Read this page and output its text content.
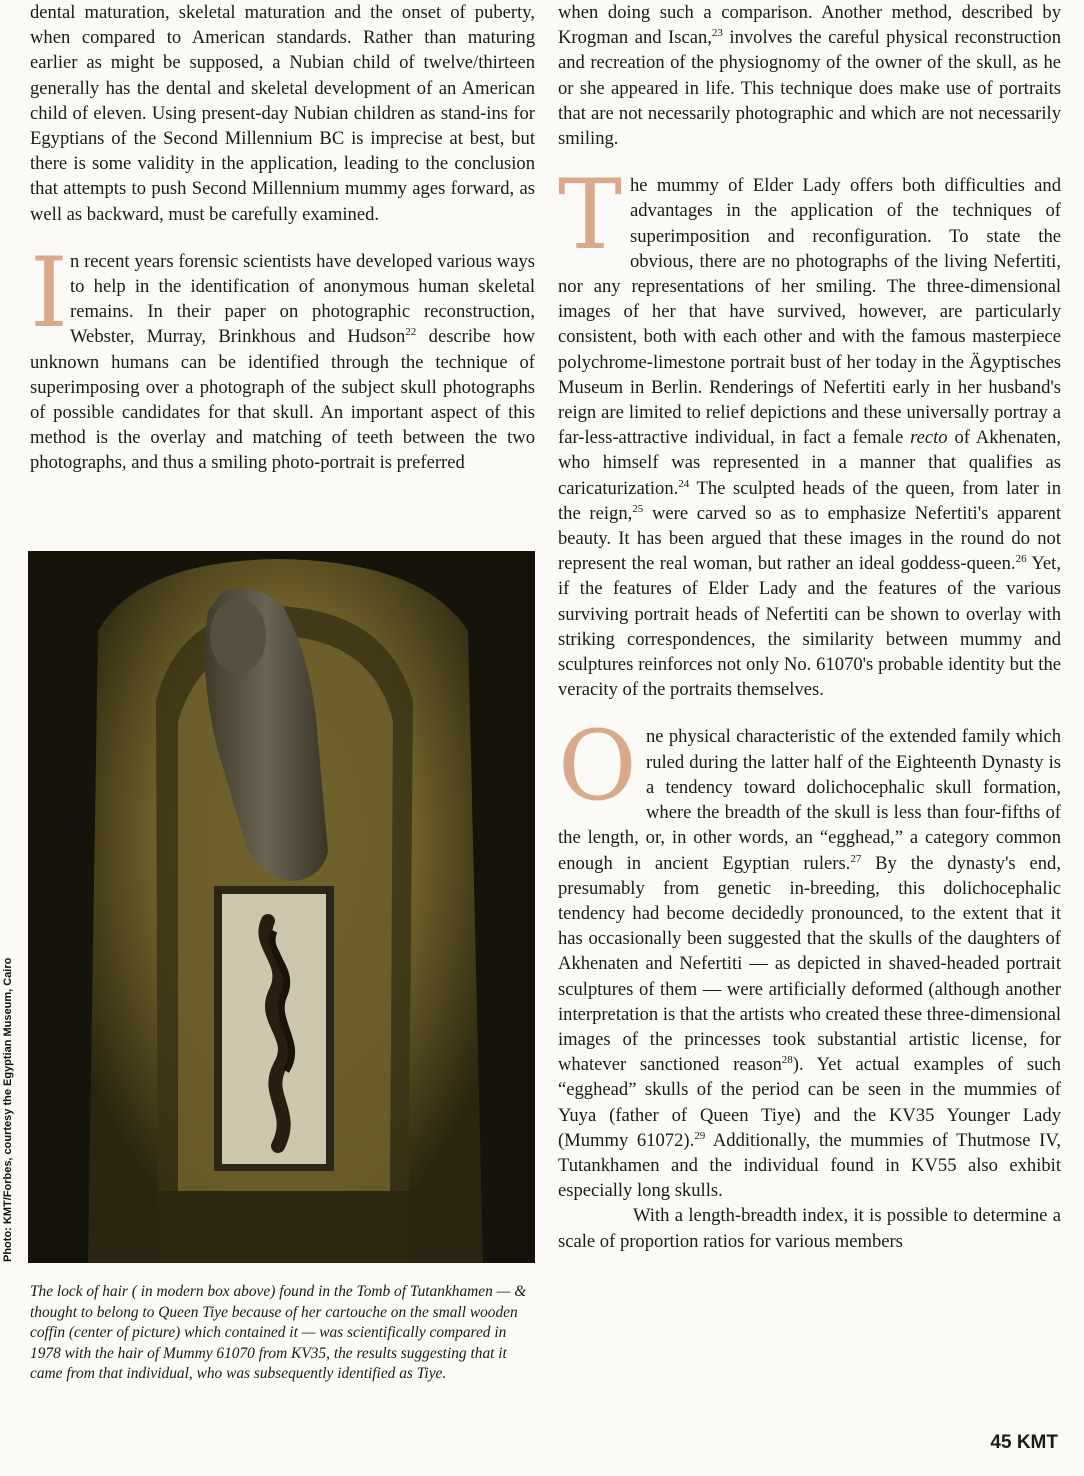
dental maturation, skeletal maturation and the onset of puberty, when compared to American standards. Rather than maturing earlier as might be supposed, a Nubian child of twelve/thirteen generally has the dental and skeletal development of an American child of eleven. Using present-day Nubian children as stand-ins for Egyptians of the Second Millennium BC is imprecise at best, but there is some validity in the application, leading to the conclusion that attempts to push Second Millennium mummy ages forward, as well as backward, must be carefully examined.

In recent years forensic scientists have developed various ways to help in the identification of anonymous human skeletal remains. In their paper on photographic reconstruction, Webster, Murray, Brinkhous and Hudson$^{22}$ describe how unknown humans can be identified through the technique of superimposing over a photograph of the subject skull photographs of possible candidates for that skull. An important aspect of this method is the overlay and matching of teeth between the two photographs, and thus a smiling photo-portrait is preferred

Photo: KMT/Forbes, courtesy the Egyptian Museum, Cairo
The lock of hair ( in modern box above) found in the Tomb of Tutankhamen — & thought to belong to Queen Tiye because of her cartouche on the small wooden coffin (center of picture) which contained it — was scientifically compared in 1978 with the hair of Mummy 61070 from KV35, the results suggesting that it came from that individual, who was subsequently identified as Tiye.

when doing such a comparison. Another method, described by Krogman and Iscan,$^{23}$ involves the careful physical reconstruction and recreation of the physiognomy of the owner of the skull, as he or she appeared in life. This technique does make use of portraits that are not necessarily photographic and which are not necessarily smiling.

The mummy of Elder Lady offers both difficulties and advantages in the application of the techniques of superimposition and reconfiguration. To state the obvious, there are no photographs of the living Nefertiti, nor any representations of her smiling. The three-dimensional images of her that have survived, however, are particularly consistent, both with each other and with the famous masterpiece polychrome-limestone portrait bust of her today in the Ägyptisches Museum in Berlin. Renderings of Nefertiti early in her husband's reign are limited to relief depictions and these universally portray a far-less-attractive individual, in fact a female recto of Akhenaten, who himself was represented in a manner that qualifies as caricaturization.$^{24}$ The sculpted heads of the queen, from later in the reign,$^{25}$ were carved so as to emphasize Nefertiti's apparent beauty. It has been argued that these images in the round do not represent the real woman, but rather an ideal goddess-queen.$^{26}$ Yet, if the features of Elder Lady and the features of the various surviving portrait heads of Nefertiti can be shown to overlay with striking correspondences, the similarity between mummy and sculptures reinforces not only No. 61070's probable identity but the veracity of the portraits themselves.

One physical characteristic of the extended family which ruled during the latter half of the Eighteenth Dynasty is a tendency toward dolichocephalic skull formation, where the breadth of the skull is less than four-fifths of the length, or, in other words, an “egghead,” a category common enough in ancient Egyptian rulers.$^{27}$ By the dynasty's end, presumably from genetic in-breeding, this dolichocephalic tendency had become decidedly pronounced, to the extent that it has occasionally been suggested that the skulls of the daughters of Akhenaten and Nefertiti — as depicted in shaved-headed portrait sculptures of them — were artificially deformed (although another interpretation is that the artists who created these three-dimensional images of the princesses took substantial artistic license, for whatever sanctioned reason$^{28}$). Yet actual examples of such “egghead” skulls of the period can be seen in the mummies of Yuya (father of Queen Tiye) and the KV35 Younger Lady (Mummy 61072).$^{29}$ Additionally, the mummies of Thutmose IV, Tutankhamen and the individual found in KV55 also exhibit especially long skulls.

With a length-breadth index, it is possible to determine a scale of proportion ratios for various members

45 KMT
